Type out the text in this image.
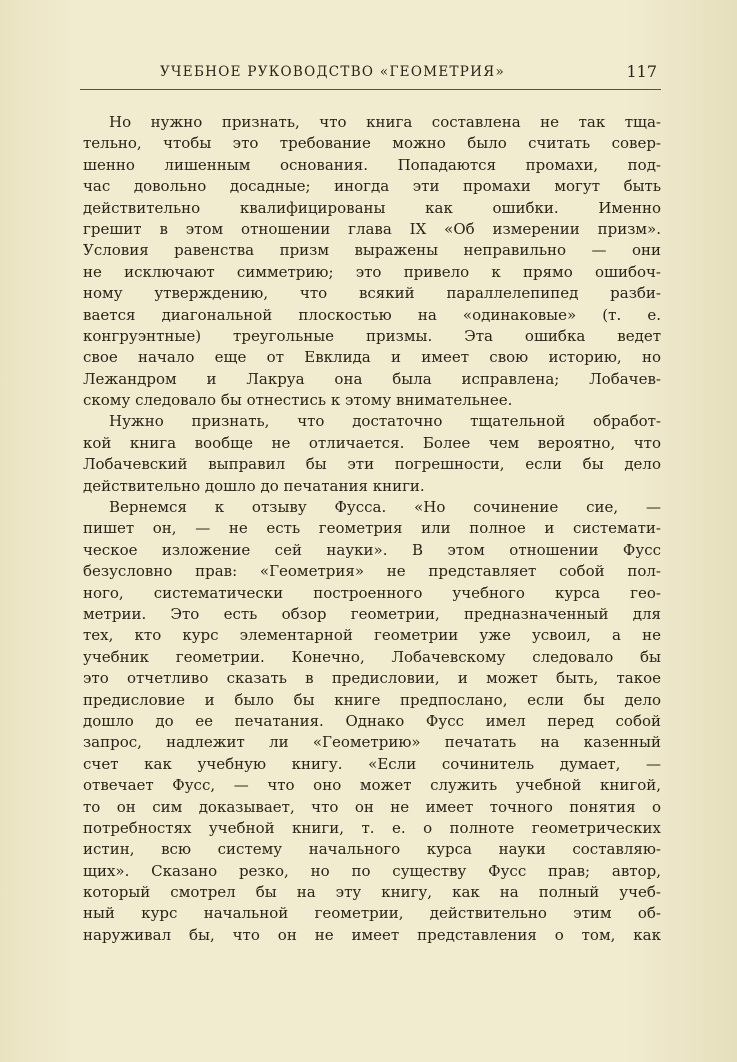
УЧЕБНОЕ РУКОВОДСТВО «ГЕОМЕТРИЯ»	117
Но нужно признать, что книга составлена не так тща-
тельно, чтобы это требование можно было считать совер-
шенно лишенным основания. Попадаются промахи, под-
час довольно досадные; иногда эти промахи могут быть
действительно квалифицированы как ошибки. Именно
грешит в этом отношении глава IX «Об измерении призм».
Условия равенства призм выражены неправильно — они
не исключают симметрию; это привело к прямо ошибоч-
ному утверждению, что всякий параллелепипед разби-
вается диагональной плоскостью на «одинаковые» (т. е.
конгруэнтные) треугольные призмы. Эта ошибка ведет
свое начало еще от Евклида и имеет свою историю, но
Лежандром и Лакруа она была исправлена; Лобачев-
скому следовало бы отнестись к этому внимательнее.
Нужно признать, что достаточно тщательной обработ-
кой книга вообще не отличается. Более чем вероятно, что
Лобачевский выправил бы эти погрешности, если бы дело
действительно дошло до печатания книги.
Вернемся к отзыву Фусса. «Но сочинение сие, —
пишет он, — не есть геометрия или полное и системати-
ческое изложение сей науки». В этом отношении Фусс
безусловно прав: «Геометрия» не представляет собой пол-
ного, систематически построенного учебного курса гео-
метрии. Это есть обзор геометрии, предназначенный для
тех, кто курс элементарной геометрии уже усвоил, а не
учебник геометрии. Конечно, Лобачевскому следовало бы
это отчетливо сказать в предисловии, и может быть, такое
предисловие и было бы книге предпослано, если бы дело
дошло до ее печатания. Однако Фусс имел перед собой
запрос, надлежит ли «Геометрию» печатать на казенный
счет как учебную книгу. «Если сочинитель думает, —
отвечает Фусс, — что оно может служить учебной книгой,
то он сим доказывает, что он не имеет точного понятия о
потребностях учебной книги, т. е. о полноте геометрических
истин, всю систему начального курса науки составляю-
щих». Сказано резко, но по существу Фусс прав; автор,
который смотрел бы на эту книгу, как на полный учеб-
ный курс начальной геометрии, действительно этим об-
наруживал бы, что он не имеет представления о том, как
